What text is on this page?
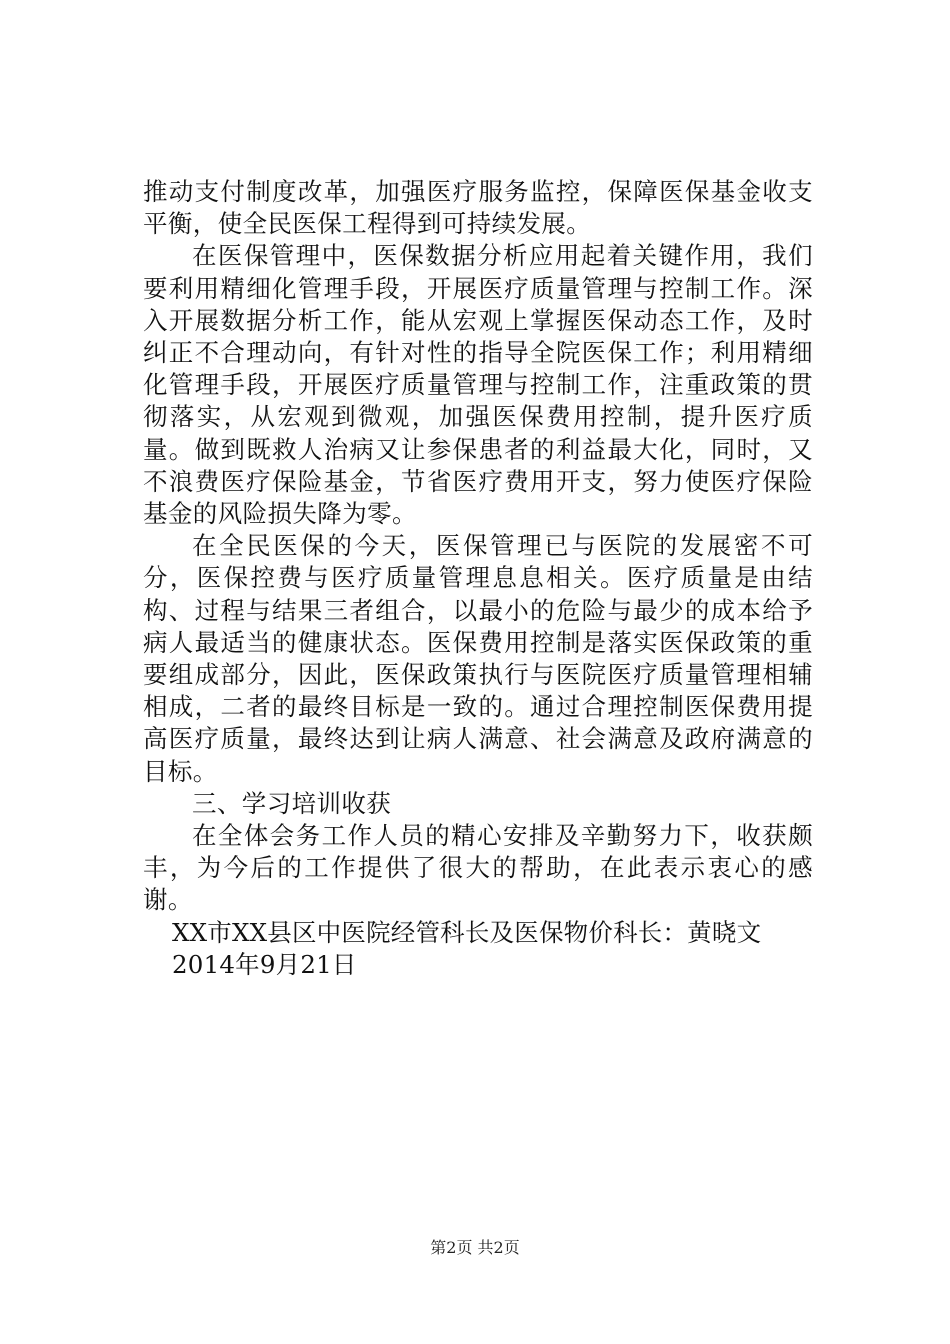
推动支付制度改革，加强医疗服务监控，保障医保基金收支平衡，使全民医保工程得到可持续发展。

在医保管理中，医保数据分析应用起着关键作用，我们要利用精细化管理手段，开展医疗质量管理与控制工作。深入开展数据分析工作，能从宏观上掌握医保动态工作，及时纠正不合理动向，有针对性的指导全院医保工作；利用精细化管理手段，开展医疗质量管理与控制工作，注重政策的贯彻落实，从宏观到微观，加强医保费用控制，提升医疗质量。做到既救人治病又让参保患者的利益最大化，同时，又不浪费医疗保险基金，节省医疗费用开支，努力使医疗保险基金的风险损失降为零。

在全民医保的今天，医保管理已与医院的发展密不可分，医保控费与医疗质量管理息息相关。医疗质量是由结构、过程与结果三者组合，以最小的危险与最少的成本给予病人最适当的健康状态。医保费用控制是落实医保政策的重要组成部分，因此，医保政策执行与医院医疗质量管理相辅相成，二者的最终目标是一致的。通过合理控制医保费用提高医疗质量，最终达到让病人满意、社会满意及政府满意的目标。

三、学习培训收获

在全体会务工作人员的精心安排及辛勤努力下，收获颇丰，为今后的工作提供了很大的帮助，在此表示衷心的感谢。

XX市XX县区中医院经管科长及医保物价科长：黄晓文

2014年9月21日

第2页 共2页
